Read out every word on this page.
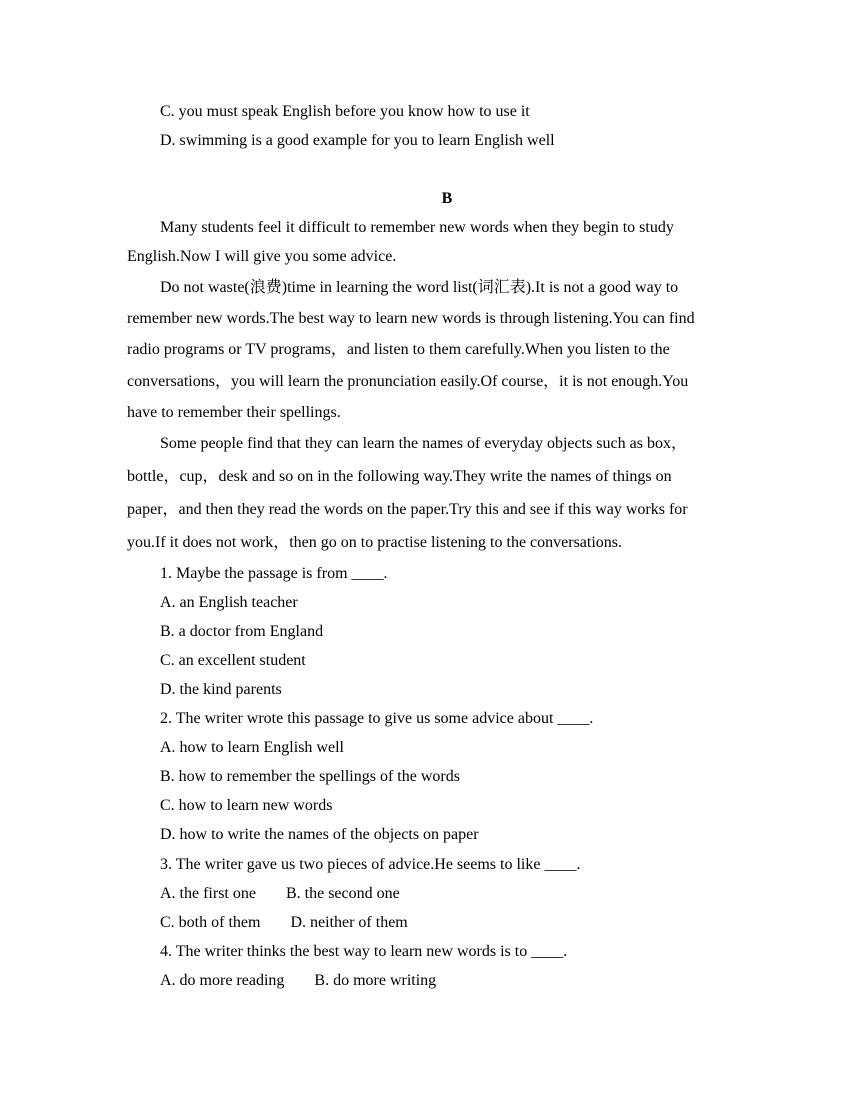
C. you must speak English before you know how to use it
D. swimming is a good example for you to learn English well
B
Many students feel it difficult to remember new words when they begin to study
English.Now I will give you some advice.
Do not waste(浪费)time in learning the word list(词汇表).It is not a good way to
remember new words.The best way to learn new words is through listening.You can find
radio programs or TV programs，and listen to them carefully.When you listen to the
conversations，you will learn the pronunciation easily.Of course，it is not enough.You
have to remember their spellings.
Some people find that they can learn the names of everyday objects such as box，
bottle，cup，desk and so on in the following way.They write the names of things on
paper，and then they read the words on the paper.Try this and see if this way works for
you.If it does not work，then go on to practise listening to the conversations.
1. Maybe the passage is from ____.
A. an English teacher
B. a doctor from England
C. an excellent student
D. the kind parents
2. The writer wrote this passage to give us some advice about ____.
A. how to learn English well
B. how to remember the spellings of the words
C. how to learn new words
D. how to write the names of the objects on paper
3. The writer gave us two pieces of advice.He seems to like ____.
A. the first one B. the second one
C. both of them D. neither of them
4. The writer thinks the best way to learn new words is to ____.
A. do more reading B. do more writing
